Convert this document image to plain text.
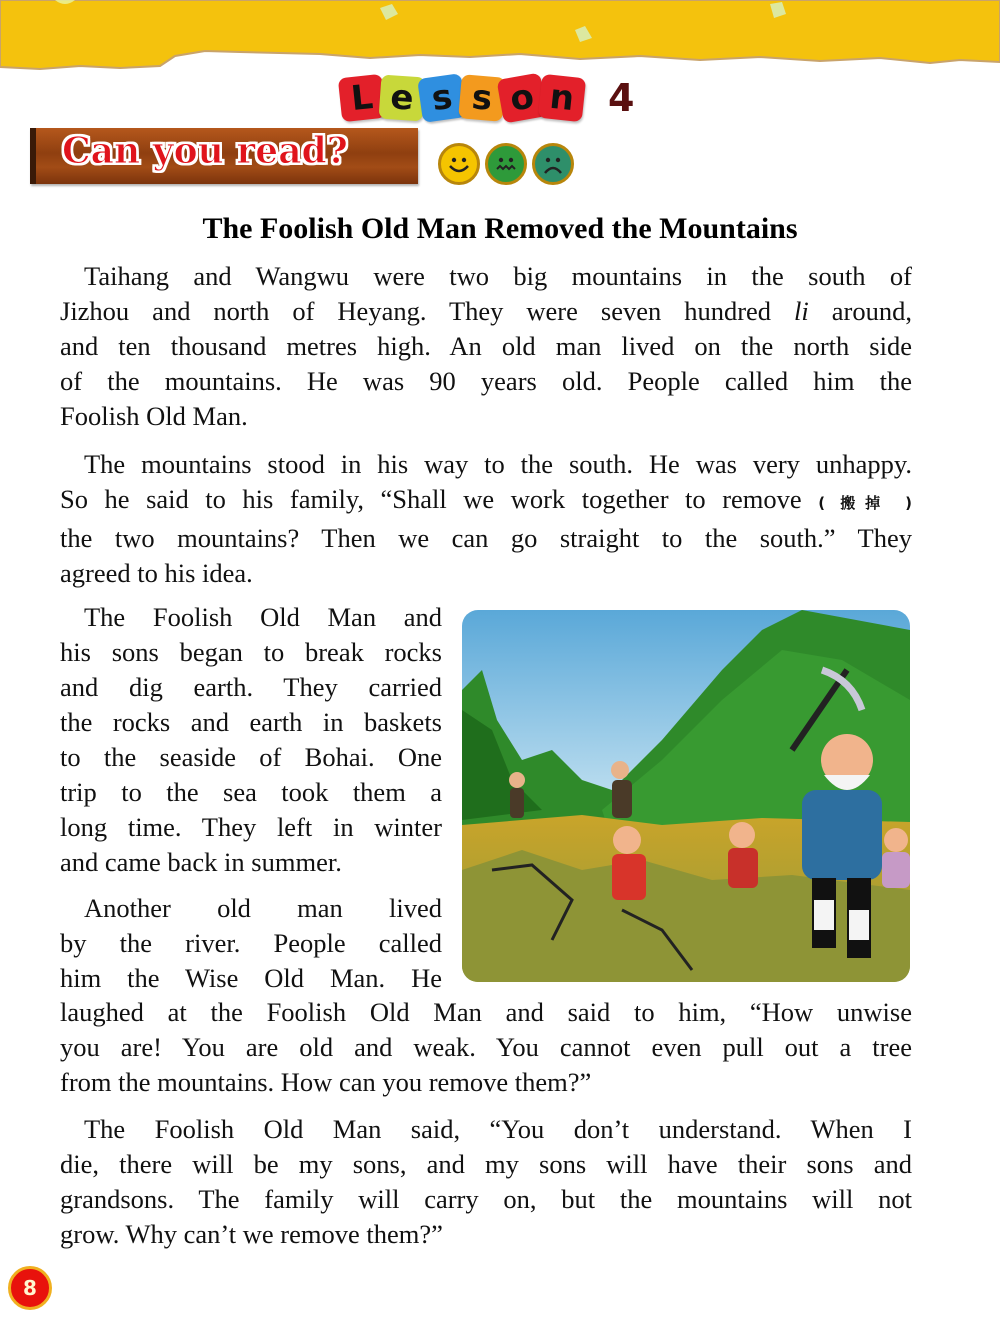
L e s s o n 4
Can you read?
The Foolish Old Man Removed the Mountains
Taihang and Wangwu were two big mountains in the south of
Jizhou and north of Heyang. They were seven hundred li around,
and ten thousand metres high. An old man lived on the north side
of the mountains. He was 90 years old. People called him the
Foolish Old Man.
The mountains stood in his way to the south. He was very unhappy.
So he said to his family, “Shall we work together to remove ( 搬掉 )
the two mountains? Then we can go straight to the south.” They
agreed to his idea.
The Foolish Old Man and
his sons began to break rocks
and dig earth. They carried
the rocks and earth in baskets
to the seaside of Bohai. One
trip to the sea took them a
long time. They left in winter
and came back in summer.
Another old man lived
by the river. People called
him the Wise Old Man. He
laughed at the Foolish Old Man and said to him, “How unwise
you are! You are old and weak. You cannot even pull out a tree
from the mountains. How can you remove them?”
The Foolish Old Man said, “You don’t understand. When I
die, there will be my sons, and my sons will have their sons and
grandsons. The family will carry on, but the mountains will not
grow. Why can’t we remove them?”
8
